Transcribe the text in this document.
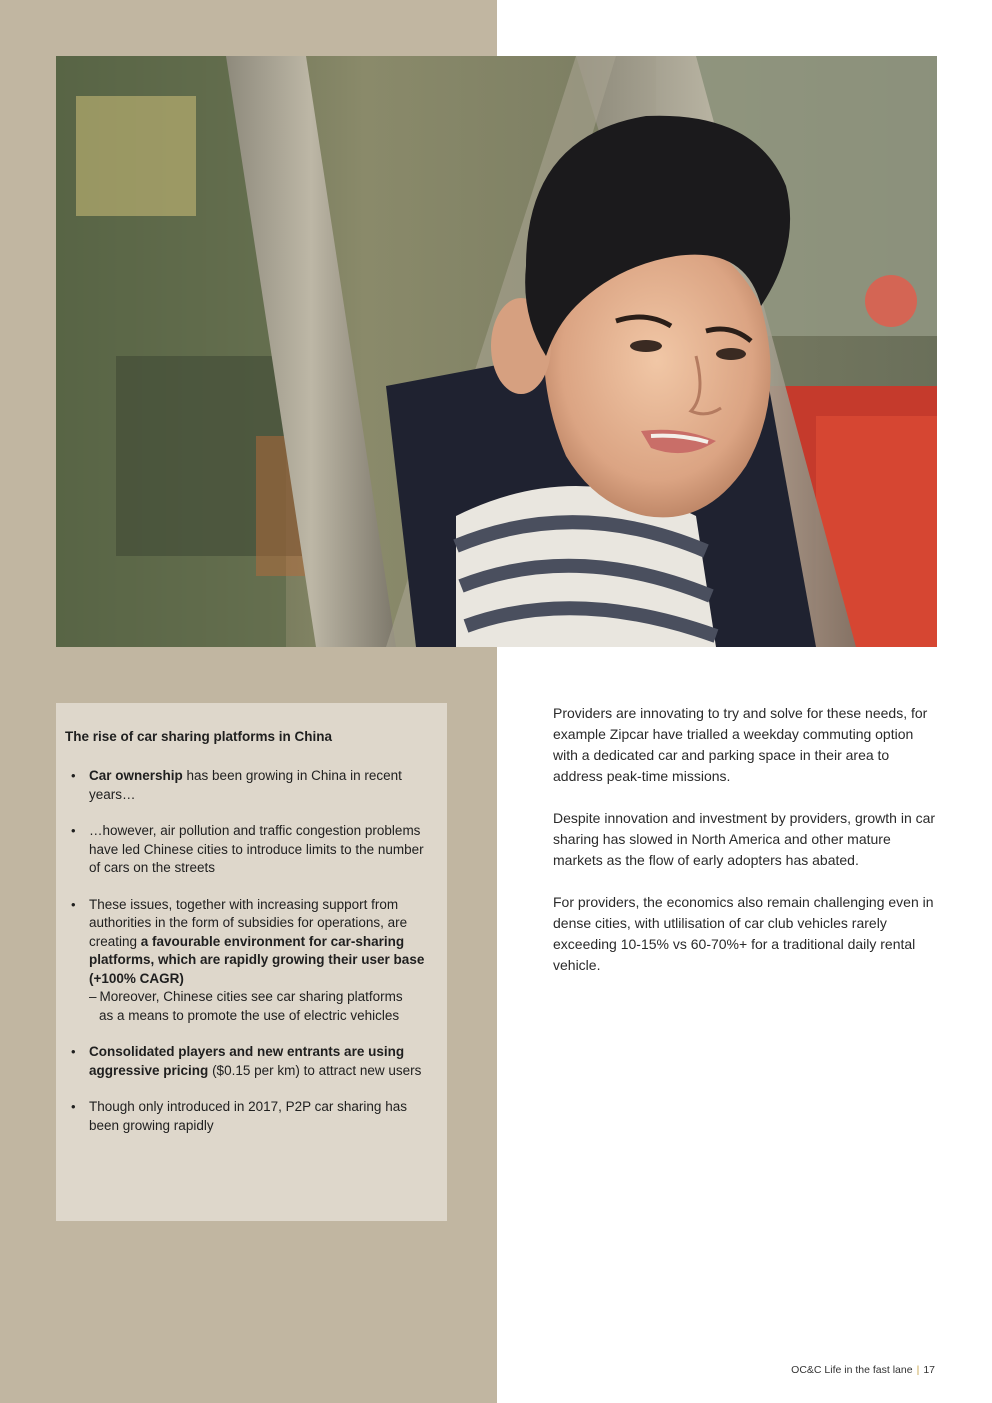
The rise of car sharing platforms in China
• Car ownership has been growing in China in recent years…
• …however, air pollution and traffic congestion problems have led Chinese cities to introduce limits to the number of cars on the streets
• These issues, together with increasing support from authorities in the form of subsidies for operations, are creating a favourable environment for car-sharing platforms, which are rapidly growing their user base (+100% CAGR)
– Moreover, Chinese cities see car sharing platforms
as a means to promote the use of electric vehicles
• Consolidated players and new entrants are using aggressive pricing ($0.15 per km) to attract new users
• Though only introduced in 2017, P2P car sharing has been growing rapidly

Providers are innovating to try and solve for these needs, for example Zipcar have trialled a weekday commuting option with a dedicated car and parking space in their area to address peak-time missions.

Despite innovation and investment by providers, growth in car sharing has slowed in North America and other mature markets as the flow of early adopters has abated.

For providers, the economics also remain challenging even in dense cities, with utlilisation of car club vehicles rarely exceeding 10-15% vs 60-70%+ for a traditional daily rental vehicle.

OC&C Life in the fast lane | 17
